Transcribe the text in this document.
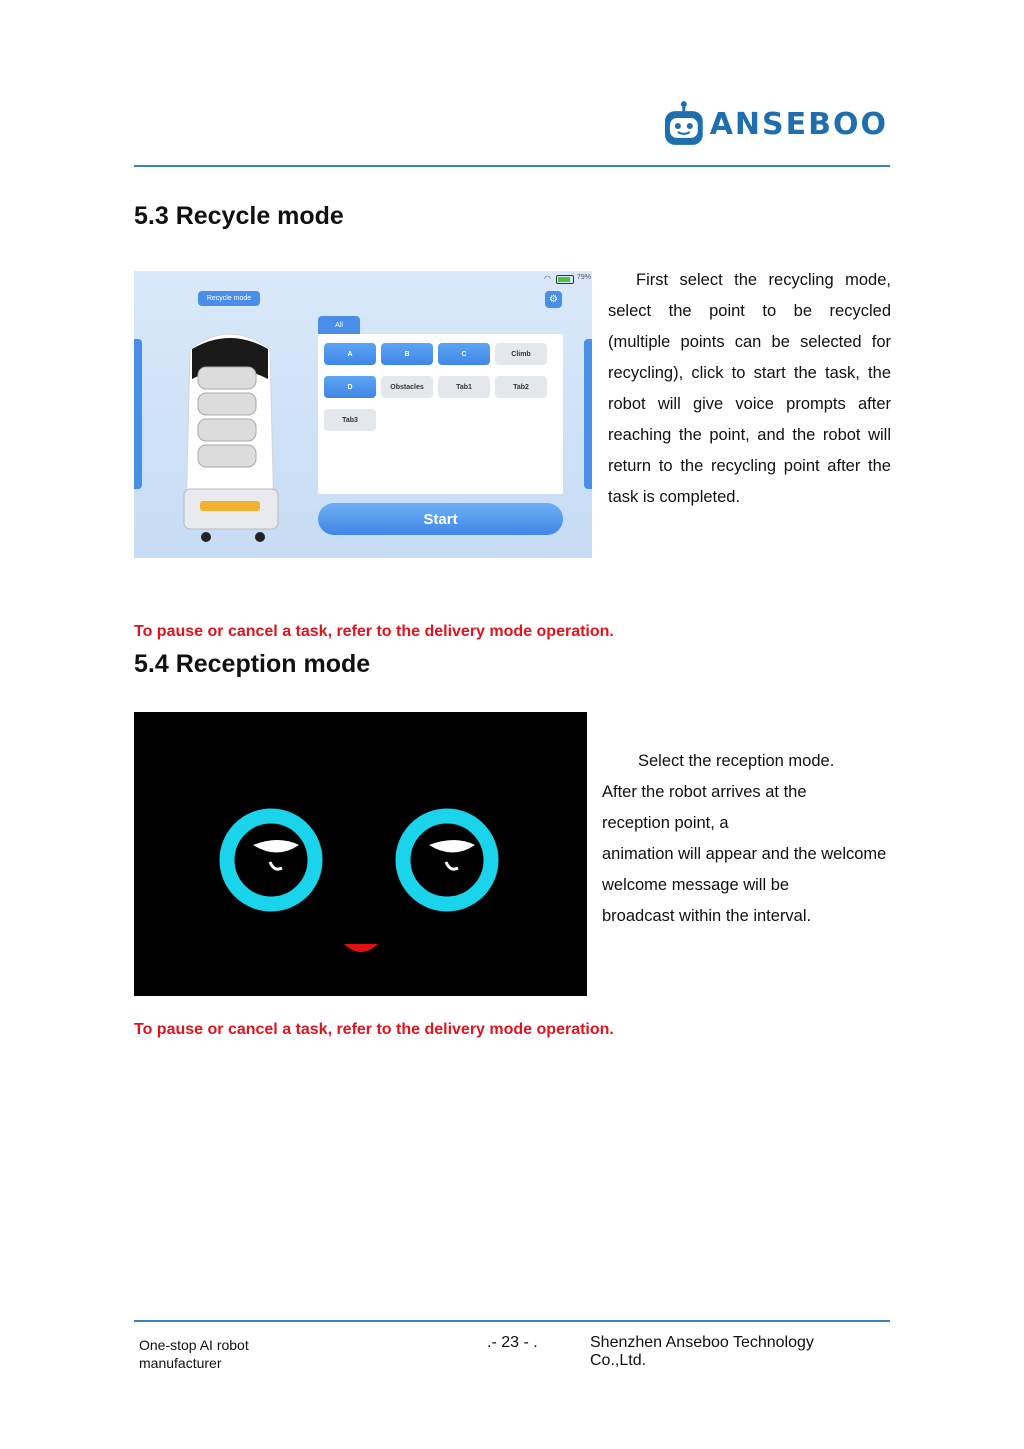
ANSEBOO
5.3 Recycle mode
◠	79%
Recycle mode	⚙
All
A	B	C	Climb
D	Obstacles	Tab1	Tab2
Tab3
Start
First select the recycling mode, select the point to be recycled (multiple points can be selected for recycling), click to start the task, the robot will give voice prompts after reaching the point, and the robot will return to the recycling point after the task is completed.
To pause or cancel a task, refer to the delivery mode operation.
5.4 Reception mode
Select the reception mode.
After the robot arrives at the
reception point, a
animation will appear and the welcome
welcome message will be
broadcast within the interval.
To pause or cancel a task, refer to the delivery mode operation.
One-stop AI robot manufacturer
.- 23 - .	Shenzhen Anseboo Technology Co.,Ltd.
